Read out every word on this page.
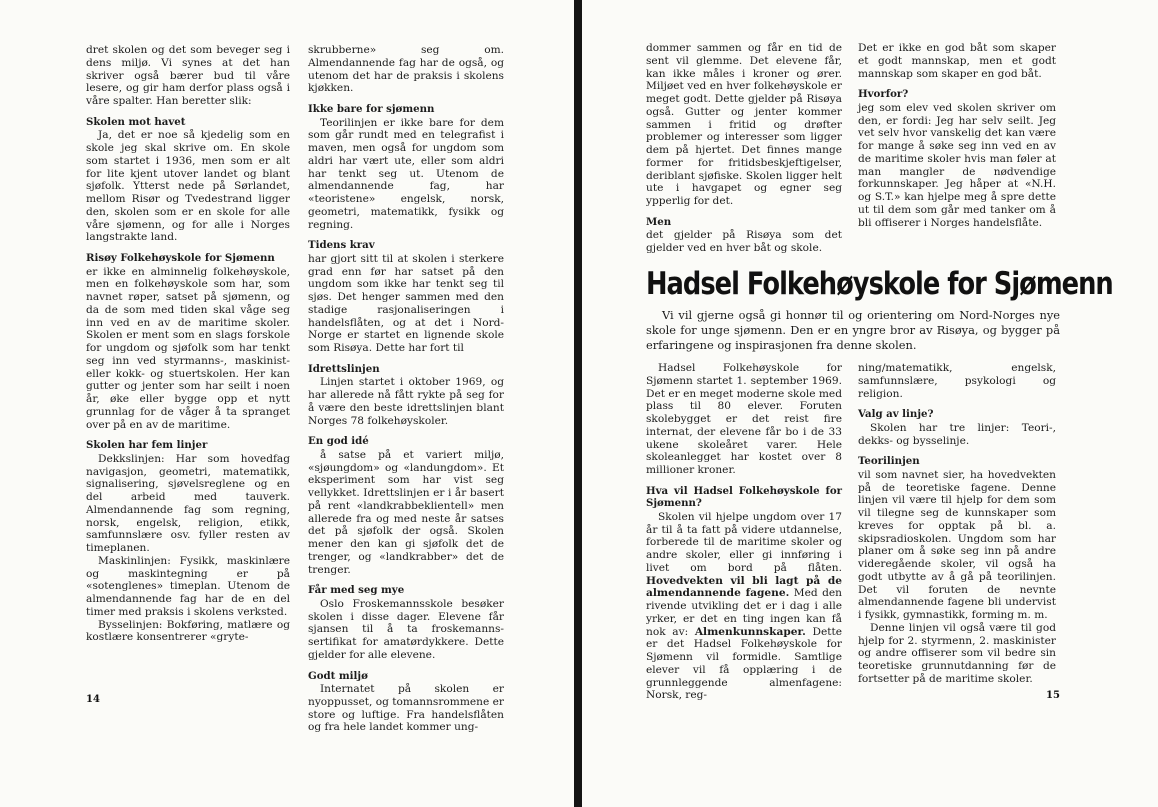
dret skolen og det som beveger seg i dens miljø. Vi synes at det han skriver også bærer bud til våre lesere, og gir ham derfor plass også i våre spalter. Han beretter slik:

Skolen mot havet

Ja, det er noe så kjedelig som en skole jeg skal skrive om. En skole som startet i 1936, men som er alt for lite kjent utover landet og blant sjøfolk. Ytterst nede på Sørlandet, mellom Risør og Tvedestrand ligger den, skolen som er en skole for alle våre sjømenn, og for alle i Norges langstrakte land.

Risøy Folkehøyskole for Sjømenn

er ikke en alminnelig folkehøyskole, men en folkehøyskole som har, som navnet røper, satset på sjømenn, og da de som med tiden skal våge seg inn ved en av de maritime skoler. Skolen er ment som en slags forskole for ungdom og sjøfolk som har tenkt seg inn ved styrmanns-, maskinist- eller kokk- og stuertskolen. Her kan gutter og jenter som har seilt i noen år, øke eller bygge opp et nytt grunnlag for de våger å ta spranget over på en av de maritime.

Skolen har fem linjer

Dekkslinjen: Har som hovedfag navigasjon, geometri, matematikk, signalisering, sjøvelsreglene og en del arbeid med tauverk. Almendannende fag som regning, norsk, engelsk, religion, etikk, samfunnslære osv. fyller resten av timeplanen.

Maskinlinjen: Fysikk, maskinlære og maskintegning er på «sotenglenes» timeplan. Utenom de almendannende fag har de en del timer med praksis i skolens verksted.

Bysselinjen: Bokføring, matlære og kostlære konsentrerer «gryte-

skrubberne» seg om. Almendannende fag har de også, og utenom det har de praksis i skolens kjøkken.

Ikke bare for sjømenn

Teorilinjen er ikke bare for dem som går rundt med en telegrafist i maven, men også for ungdom som aldri har vært ute, eller som aldri har tenkt seg ut. Utenom de almendannende fag, har «teoristene» engelsk, norsk, geometri, matematikk, fysikk og regning.

Tidens krav

har gjort sitt til at skolen i sterkere grad enn før har satset på den ungdom som ikke har tenkt seg til sjøs. Det henger sammen med den stadige rasjonaliseringen i handelsflåten, og at det i Nord-Norge er startet en lignende skole som Risøya. Dette har fort til

Idrettslinjen

Linjen startet i oktober 1969, og har allerede nå fått rykte på seg for å være den beste idrettslinjen blant Norges 78 folkehøyskoler.

En god idé

å satse på et variert miljø, «sjøungdom» og «landungdom». Et eksperiment som har vist seg vellykket. Idrettslinjen er i år basert på rent «landkrabbeklientell» men allerede fra og med neste år satses det på sjøfolk der også. Skolen mener den kan gi sjøfolk det de trenger, og «landkrabber» det de trenger.

Får med seg mye

Oslo Froskemannsskole besøker skolen i disse dager. Elevene får sjansen til å ta froskemanns-sertifikat for amatørdykkere. Dette gjelder for alle elevene.

Godt miljø

Internatet på skolen er nyoppusset, og tomannsrommene er store og luftige. Fra handelsflåten og fra hele landet kommer ung-

14

dommer sammen og får en tid de sent vil glemme. Det elevene får, kan ikke måles i kroner og ører. Miljøet ved en hver folkehøyskole er meget godt. Dette gjelder på Risøya også. Gutter og jenter kommer sammen i fritid og drøfter problemer og interesser som ligger dem på hjertet. Det finnes mange former for fritidsbeskjeftigelser, deriblant sjøfiske. Skolen ligger helt ute i havgapet og egner seg ypperlig for det.

Men

det gjelder på Risøya som det gjelder ved en hver båt og skole.

Det er ikke en god båt som skaper et godt mannskap, men et godt mannskap som skaper en god båt.

Hvorfor?

jeg som elev ved skolen skriver om den, er fordi: Jeg har selv seilt. Jeg vet selv hvor vanskelig det kan være for mange å søke seg inn ved en av de maritime skoler hvis man føler at man mangler de nødvendige forkunnskaper. Jeg håper at «N.H. og S.T.» kan hjelpe meg å spre dette ut til dem som går med tanker om å bli offiserer i Norges handelsflåte.

Hadsel Folkehøyskole for Sjømenn

Vi vil gjerne også gi honnør til og orientering om Nord-Norges nye skole for unge sjømenn. Den er en yngre bror av Risøya, og bygger på erfaringene og inspirasjonen fra denne skolen.

Hadsel Folkehøyskole for Sjømenn startet 1. september 1969. Det er en meget moderne skole med plass til 80 elever. Foruten skolebygget er det reist fire internat, der elevene får bo i de 33 ukene skoleåret varer. Hele skoleanlegget har kostet over 8 millioner kroner.

Hva vil Hadsel Folkehøyskole for Sjømenn?

Skolen vil hjelpe ungdom over 17 år til å ta fatt på videre utdannelse, forberede til de maritime skoler og andre skoler, eller gi innføring i livet om bord på flåten. Hovedvekten vil bli lagt på de almendannende fagene. Med den rivende utvikling det er i dag i alle yrker, er det en ting ingen kan få nok av: Almenkunnskaper. Dette er det Hadsel Folkehøyskole for Sjømenn vil formidle. Samtlige elever vil få opplæring i de grunnleggende almenfagene: Norsk, reg-

ning/matematikk, engelsk, samfunnslære, psykologi og religion.

Valg av linje?

Skolen har tre linjer: Teori-, dekks- og bysselinje.

Teorilinjen

vil som navnet sier, ha hovedvekten på de teoretiske fagene. Denne linjen vil være til hjelp for dem som vil tilegne seg de kunnskaper som kreves for opptak på bl. a. skipsradioskolen. Ungdom som har planer om å søke seg inn på andre videregående skoler, vil også ha godt utbytte av å gå på teorilinjen. Det vil foruten de nevnte almendannende fagene bli undervist i fysikk, gymnastikk, forming m. m.

Denne linjen vil også være til god hjelp for 2. styrmenn, 2. maskinister og andre offiserer som vil bedre sin teoretiske grunnutdanning før de fortsetter på de maritime skoler.

15
